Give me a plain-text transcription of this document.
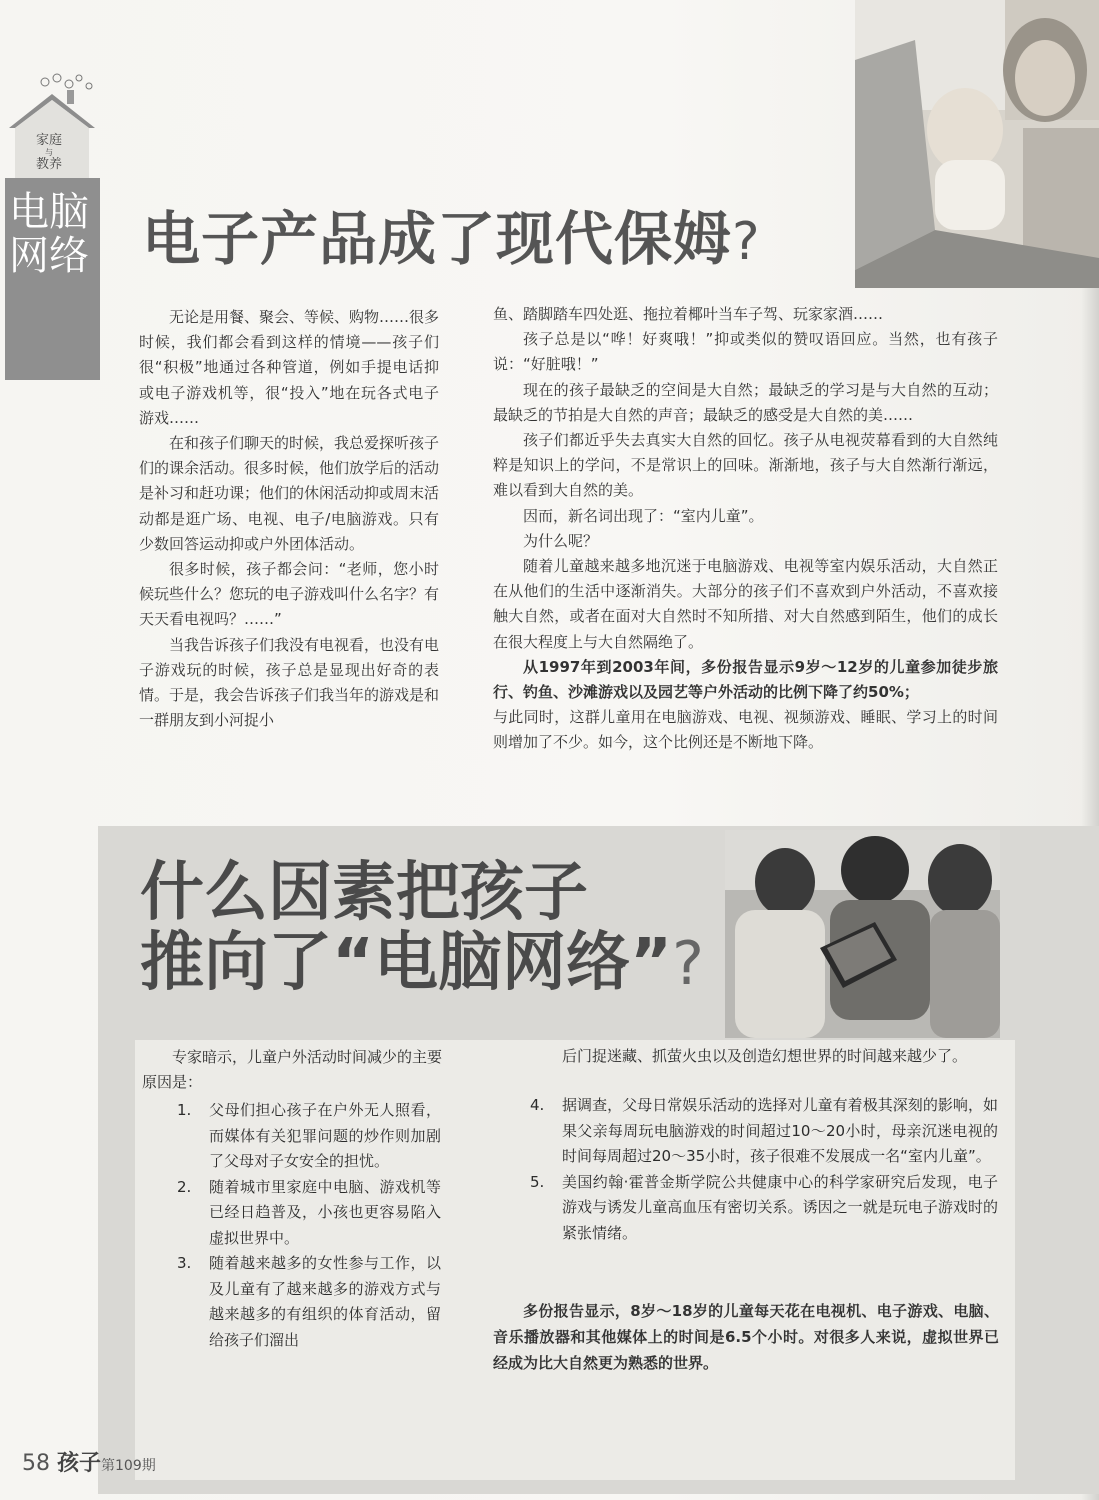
家庭
与
教养
电脑
网络 电子产品成了现代保姆?

无论是用餐、聚会、等候、购物……很多时候，我们都会看到这样的情境——孩子们很“积极”地通过各种管道，例如手提电话抑或电子游戏机等，很“投入”地在玩各式电子游戏……

在和孩子们聊天的时候，我总爱探听孩子们的课余活动。很多时候，他们放学后的活动是补习和赶功课；他们的休闲活动抑或周末活动都是逛广场、电视、电子/电脑游戏。只有少数回答运动抑或户外团体活动。

很多时候，孩子都会问：“老师，您小时候玩些什么？您玩的电子游戏叫什么名字？有天天看电视吗？……”

当我告诉孩子们我没有电视看，也没有电子游戏玩的时候，孩子总是显现出好奇的表情。于是，我会告诉孩子们我当年的游戏是和一群朋友到小河捉小

鱼、踏脚踏车四处逛、拖拉着椰叶当车子驾、玩家家酒……

孩子总是以“哗！好爽哦！”抑或类似的赞叹语回应。当然，也有孩子说：“好脏哦！”

现在的孩子最缺乏的空间是大自然；最缺乏的学习是与大自然的互动；最缺乏的节拍是大自然的声音；最缺乏的感受是大自然的美……

孩子们都近乎失去真实大自然的回忆。孩子从电视荧幕看到的大自然纯粹是知识上的学问，不是常识上的回味。渐渐地，孩子与大自然渐行渐远，难以看到大自然的美。

因而，新名词出现了：“室内儿童”。

为什么呢？

随着儿童越来越多地沉迷于电脑游戏、电视等室内娱乐活动，大自然正在从他们的生活中逐渐消失。大部分的孩子们不喜欢到户外活动，不喜欢接触大自然，或者在面对大自然时不知所措、对大自然感到陌生，他们的成长在很大程度上与大自然隔绝了。

从1997年到2003年间，多份报告显示9岁～12岁的儿童参加徒步旅行、钓鱼、沙滩游戏以及园艺等户外活动的比例下降了约50%；

与此同时，这群儿童用在电脑游戏、电视、视频游戏、睡眠、学习上的时间则增加了不少。如今，这个比例还是不断地下降。

什么因素把孩子
推向了“电脑网络”?

专家暗示，儿童户外活动时间减少的主要原因是：

1. 父母们担心孩子在户外无人照看，而媒体有关犯罪问题的炒作则加剧了父母对子女安全的担忧。
2. 随着城市里家庭中电脑、游戏机等已经日趋普及，小孩也更容易陷入虚拟世界中。
3. 随着越来越多的女性参与工作，以及儿童有了越来越多的游戏方式与越来越多的有组织的体育活动，留给孩子们溜出
后门捉迷藏、抓萤火虫以及创造幻想世界的时间越来越少了。
4. 据调查，父母日常娱乐活动的选择对儿童有着极其深刻的影响，如果父亲每周玩电脑游戏的时间超过10～20小时，母亲沉迷电视的时间每周超过20～35小时，孩子很难不发展成一名“室内儿童”。
5. 美国约翰·霍普金斯学院公共健康中心的科学家研究后发现，电子游戏与诱发儿童高血压有密切关系。诱因之一就是玩电子游戏时的紧张情绪。

多份报告显示，8岁～18岁的儿童每天花在电视机、电子游戏、电脑、音乐播放器和其他媒体上的时间是6.5个小时。对很多人来说，虚拟世界已经成为比大自然更为熟悉的世界。

58 孩子第109期
